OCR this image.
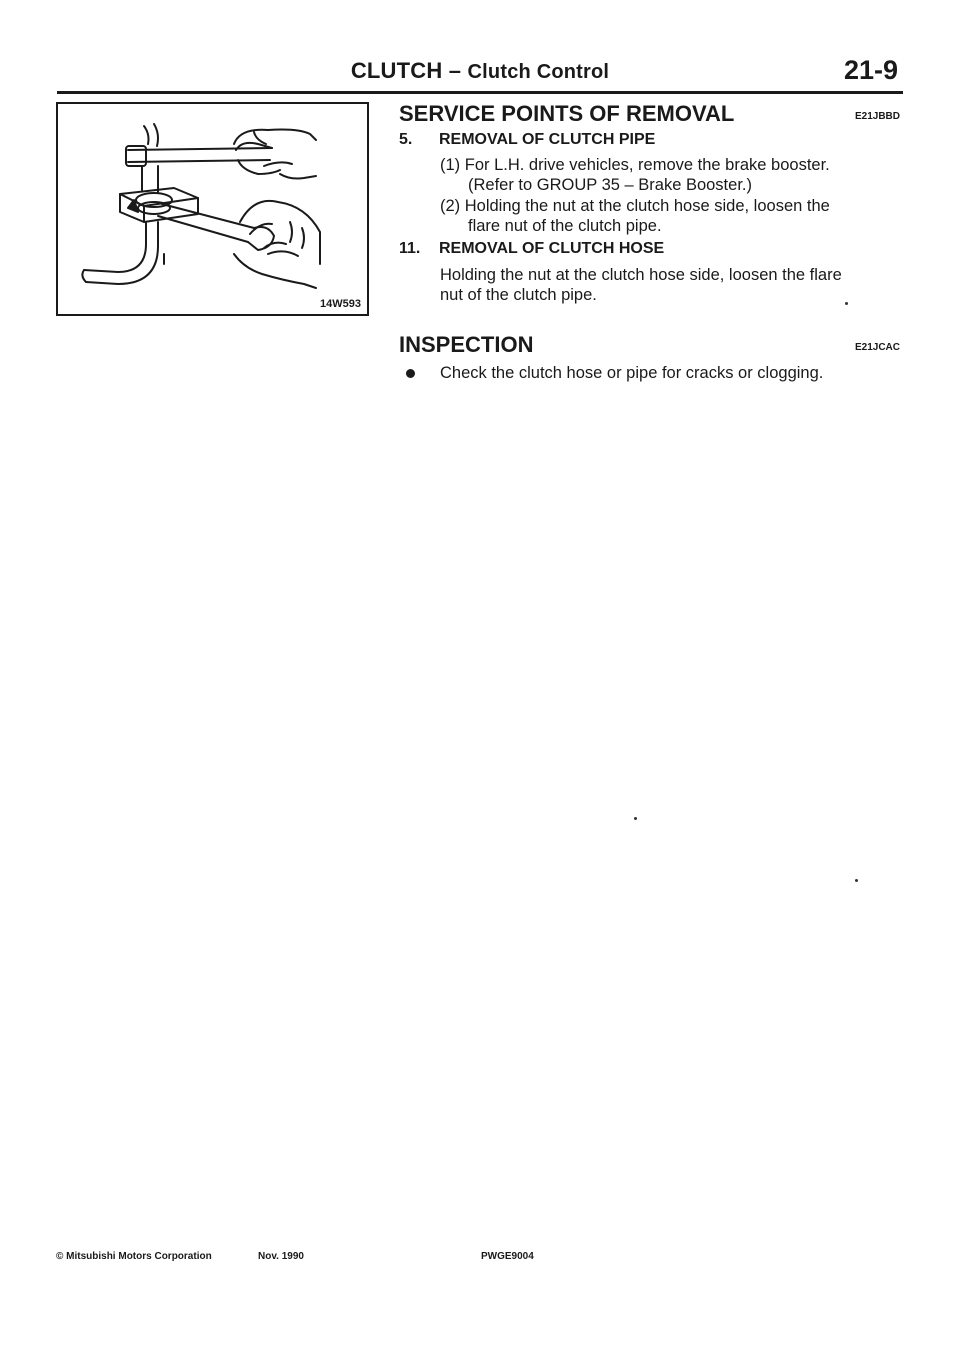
CLUTCH – Clutch Control	21-9
14W593
SERVICE POINTS OF REMOVAL	E21JBBD
5. REMOVAL OF CLUTCH PIPE
(1) For L.H. drive vehicles, remove the brake booster.
(Refer to GROUP 35 – Brake Booster.)
(2) Holding the nut at the clutch hose side, loosen the
flare nut of the clutch pipe.
11. REMOVAL OF CLUTCH HOSE
Holding the nut at the clutch hose side, loosen the flare
nut of the clutch pipe.
INSPECTION	E21JCAC
Check the clutch hose or pipe for cracks or clogging.
© Mitsubishi Motors Corporation	Nov. 1990	PWGE9004
